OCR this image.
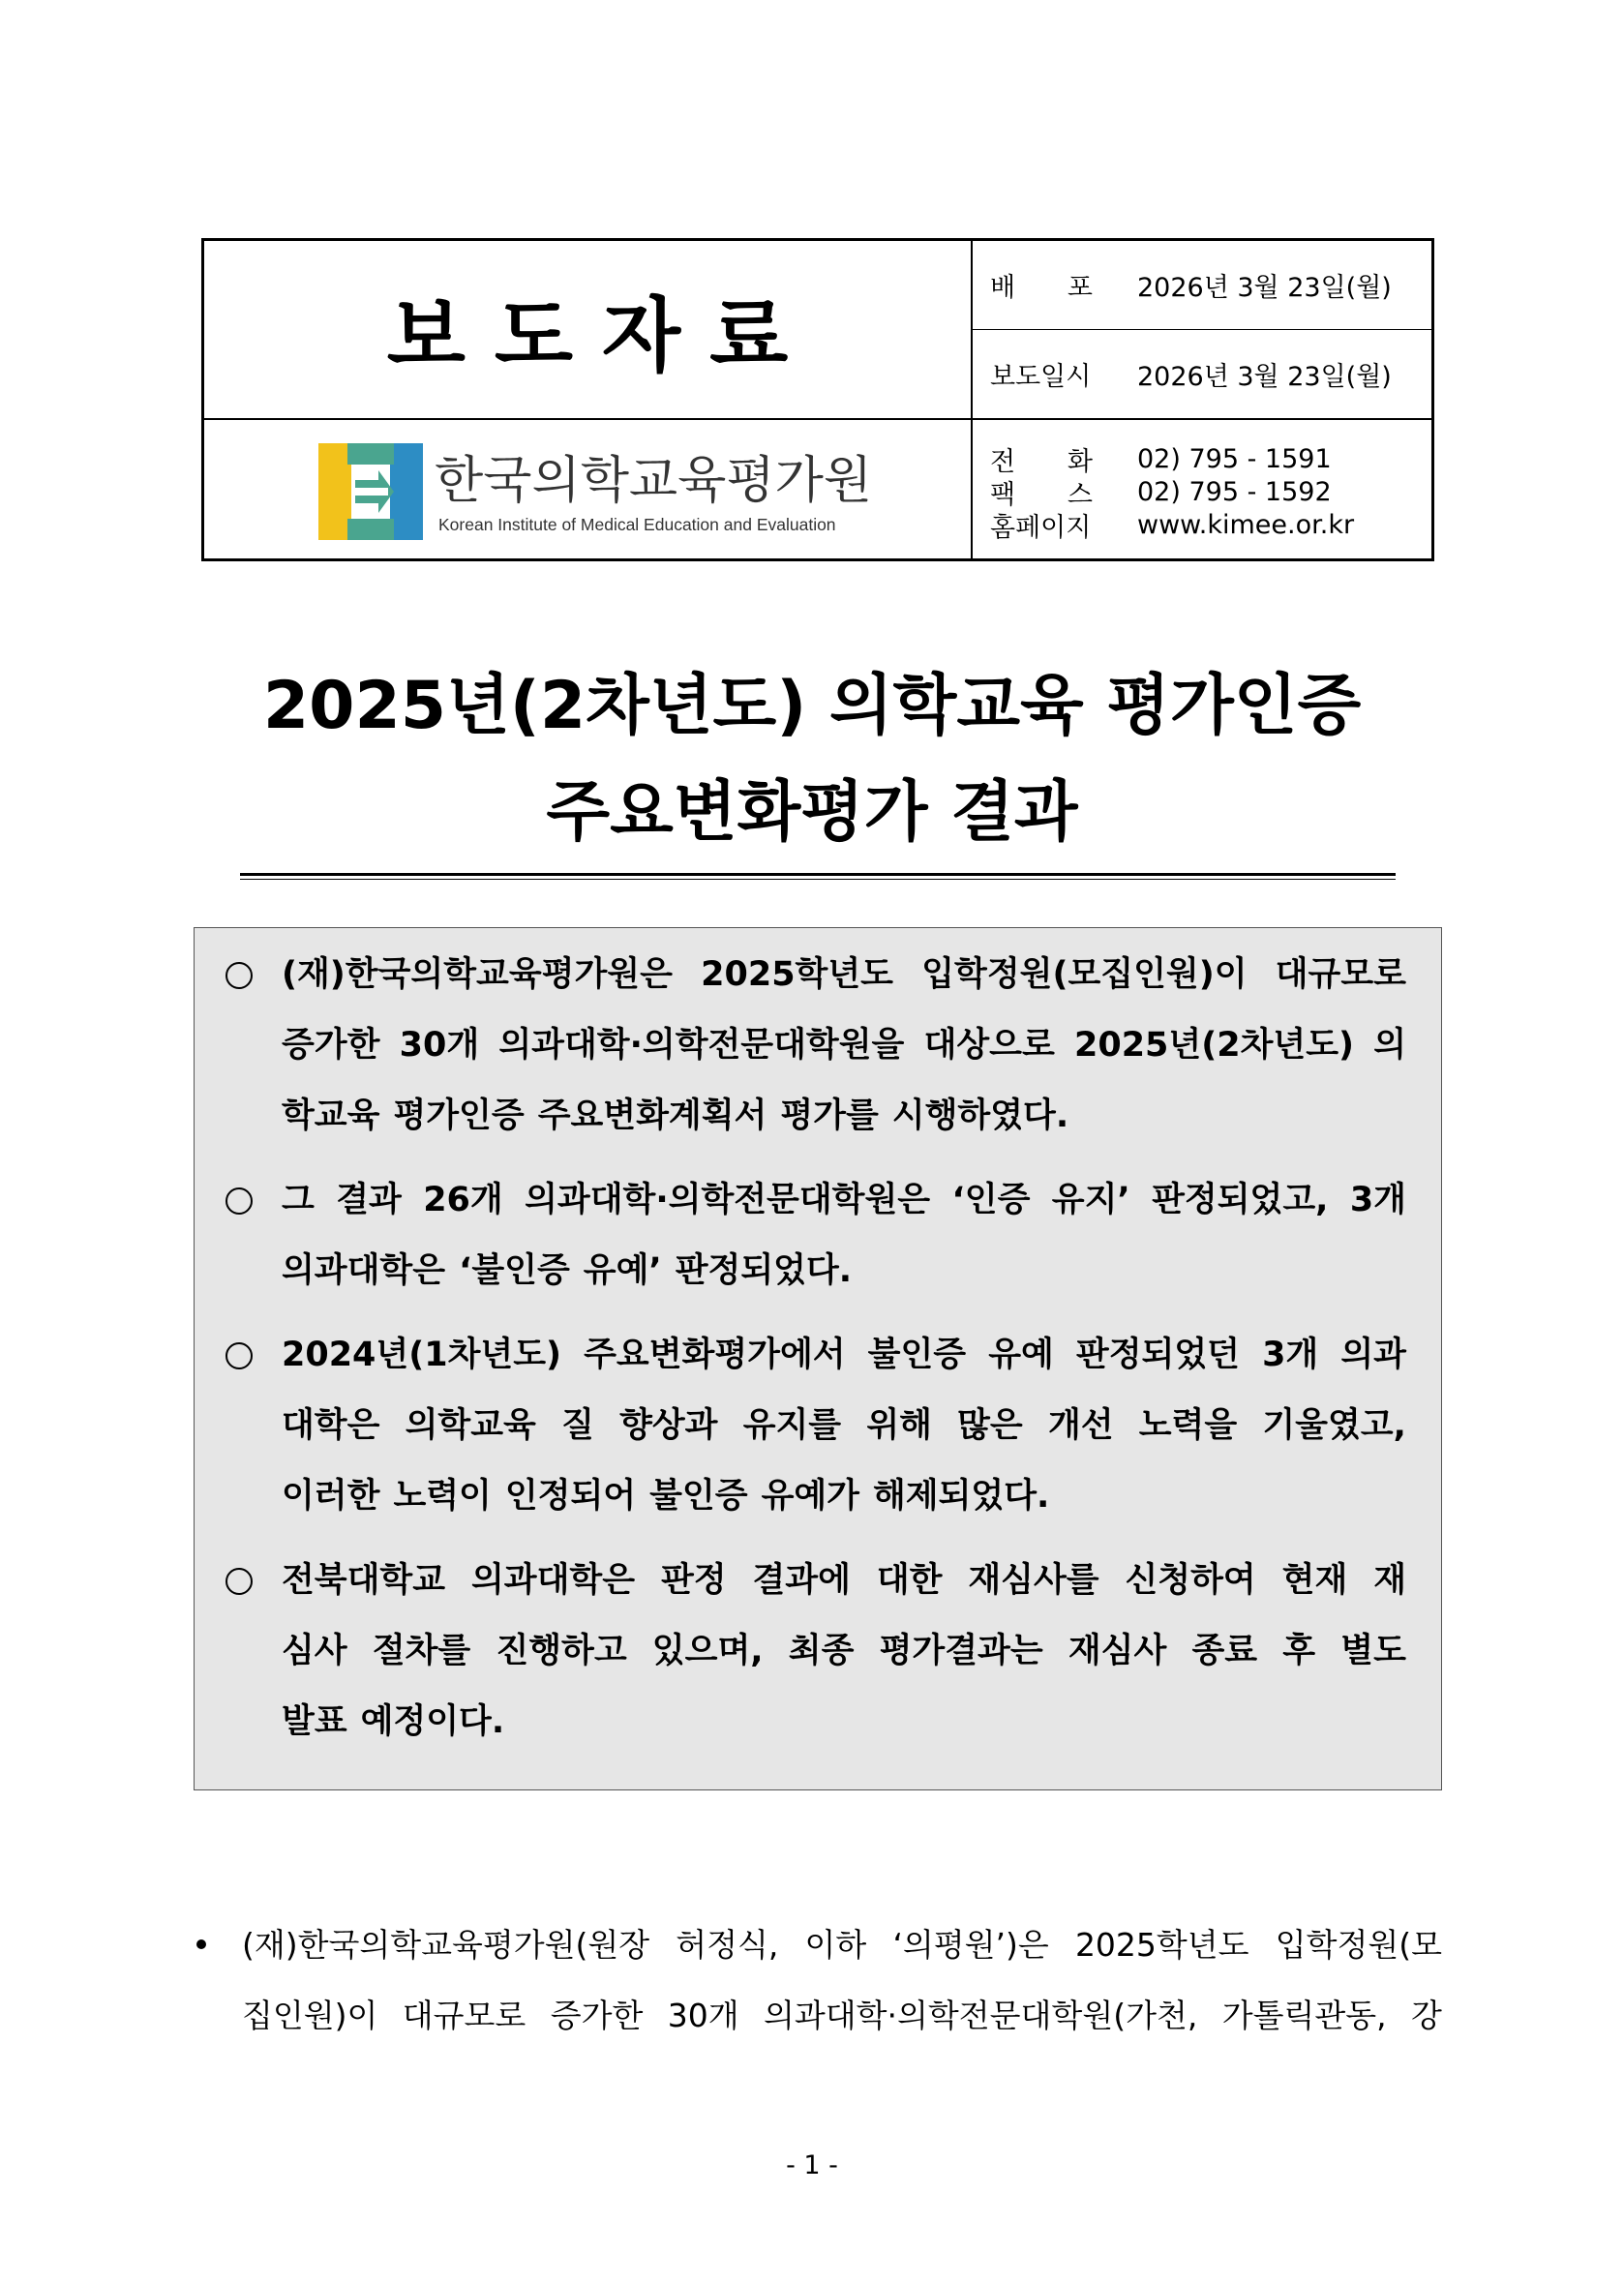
보도자료
한국의학교육평가원
Korean Institute of Medical Education and Evaluation
배 포 2026년 3월 23일(월)
보도일시	2026년 3월 23일(월)
전 화 02) 795 - 1591
팩 스 02) 795 - 1592
홈페이지	www.kimee.or.kr
2025년(2차년도) 의학교육 평가인증
주요변화평가 결과
(재)한국의학교육평가원은 2025학년도 입학정원(모집인원)이 대규모로
증가한 30개 의과대학·의학전문대학원을 대상으로 2025년(2차년도) 의
학교육 평가인증 주요변화계획서 평가를 시행하였다.
그 결과 26개 의과대학·의학전문대학원은 ‘인증 유지’ 판정되었고, 3개
의과대학은 ‘불인증 유예’ 판정되었다.
2024년(1차년도) 주요변화평가에서 불인증 유예 판정되었던 3개 의과
대학은 의학교육 질 향상과 유지를 위해 많은 개선 노력을 기울였고,
이러한 노력이 인정되어 불인증 유예가 해제되었다.
전북대학교 의과대학은 판정 결과에 대한 재심사를 신청하여 현재 재
심사 절차를 진행하고 있으며, 최종 평가결과는 재심사 종료 후 별도
발표 예정이다.
(재)한국의학교육평가원(원장 허정식, 이하 ‘의평원’)은 2025학년도 입학정원(모
집인원)이 대규모로 증가한 30개 의과대학·의학전문대학원(가천, 가톨릭관동, 강
- 1 -
